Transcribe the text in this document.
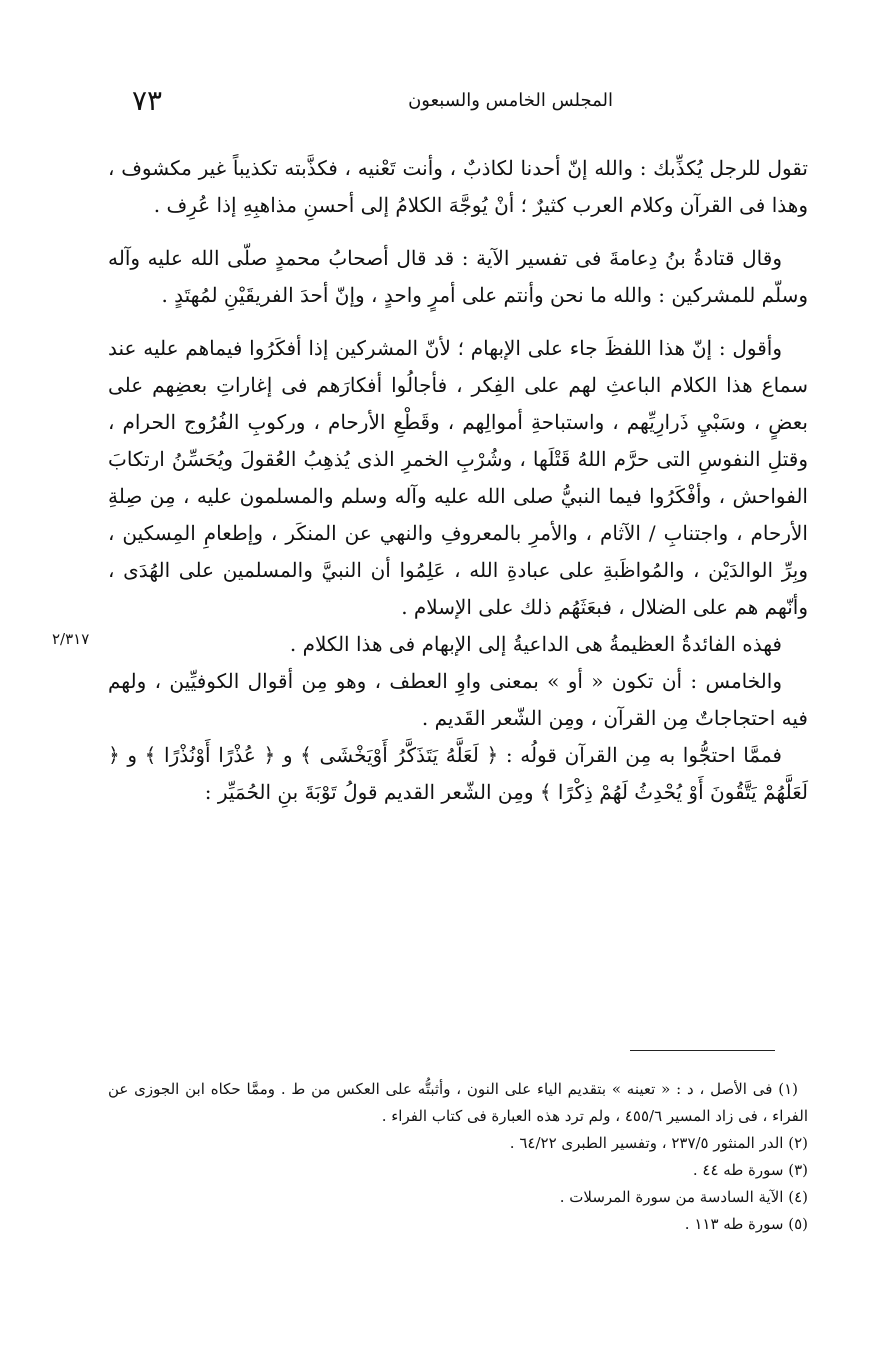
المجلس الخامس والسبعون
٧٣

تقول للرجل يُكذِّبك : والله إنّ أحدنا لكاذبٌ ، وأنت تَعْنيه ، فكذَّبته تكذيباً غير مكشوف ، وهذا فى القرآن وكلام العرب كثيرٌ ؛ أنْ يُوجَّهَ الكلامُ إلى أحسنِ مذاهبِهِ إذا عُرِف .

وقال قتادةُ بنُ دِعامةَ فى تفسير الآية : قد قال أصحابُ محمدٍ صلّى الله عليه وآله وسلّم للمشركين : والله ما نحن وأنتم على أمرٍ واحدٍ ، وإنّ أحدَ الفريقَيْنِ لمُهتَدٍ .

وأقول : إنّ هذا اللفظَ جاء على الإبهام ؛ لأنّ المشركين إذا أفكَرُوا فيماهم عليه عند سماع هذا الكلام الباعثِ لهم على الفِكر ، فأجالُوا أفكارَهم فى إغاراتِ بعضِهم على بعضٍ ، وسَبْيِ ذَرارِيِّهم ، واستباحةِ أموالِهم ، وقَطْعِ الأرحام ، وركوبِ الفُرُوج الحرام ، وقتلِ النفوسِ التى حرَّم اللهُ قَتْلَها ، وشُرْبِ الخمرِ الذى يُذهِبُ العُقولَ ويُحَسِّنُ ارتكابَ الفواحش ، وأفْكَرُوا فيما النبيُّ صلى الله عليه وآله وسلم والمسلمون عليه ، مِن صِلةِ الأرحام ، واجتنابِ / الآثام ، والأمرِ بالمعروفِ والنهي عن المنكَر ، وإطعامِ المِسكين ، وبِرِّ الوالدَيْن ، والمُواظَبةِ على عبادةِ الله ، عَلِمُوا أن النبيَّ والمسلمين على الهُدَى ، وأنّهم هم على الضلال ، فبعَثَهُم ذلك على الإسلام .

فهذه الفائدةُ العظيمةُ هى الداعيةُ إلى الإبهام فى هذا الكلام .

والخامس : أن تكون « أو » بمعنى واوِ العطف ، وهو مِن أقوال الكوفيِّين ، ولهم فيه احتجاجاتٌ مِن القرآن ، ومِن الشّعر القَديم .

فممَّا احتجُّوا به مِن القرآن قولُه : ﴿ لَعَلَّهُ يَتَذَكَّرُ أَوْيَخْشَى ﴾ و ﴿ عُذْرًا أَوْنُذْرًا ﴾ و ﴿ لَعَلَّهُمْ يَتَّقُونَ أَوْ يُحْدِثُ لَهُمْ ذِكْرًا ﴾ ومِن الشّعر القديم قولُ تَوْبَةَ بنِ الحُمَيِّر :

٢/٣١٧

(١) فى الأصل ، د : « تعينه » بتقديم الياء على النون ، وأثبتُّه على العكس من ط . وممَّا حكاه ابن الجوزى عن الفراء ، فى زاد المسير ٤٥٥/٦ ، ولم ترد هذه العبارة فى كتاب الفراء .

(٢) الدر المنثور ٢٣٧/٥ ، وتفسير الطبرى ٦٤/٢٢ .

(٣) سورة طه ٤٤ .

(٤) الآية السادسة من سورة المرسلات .

(٥) سورة طه ١١٣ .
